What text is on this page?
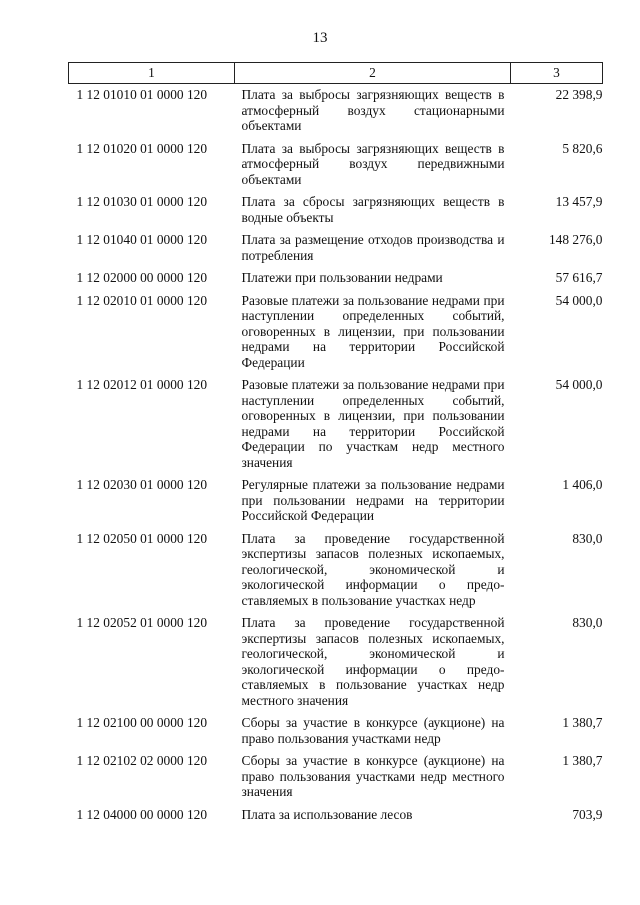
13
1	2	3
1 12 01010 01 0000 120	Плата за выбросы загрязняющих веществ в атмосферный воздух стационарными объектами	22 398,9
1 12 01020 01 0000 120	Плата за выбросы загрязняющих веществ в атмосферный воздух передвижными объектами	5 820,6
1 12 01030 01 0000 120	Плата за сбросы загрязняющих веществ в водные объекты	13 457,9
1 12 01040 01 0000 120	Плата за размещение отходов производства и потребления	148 276,0
1 12 02000 00 0000 120	Платежи при пользовании недрами	57 616,7
1 12 02010 01 0000 120	Разовые платежи за пользование недрами при наступлении определенных событий, оговоренных в лицензии, при пользовании недрами на территории Российской Федерации	54 000,0
1 12 02012 01 0000 120	Разовые платежи за пользование недрами при наступлении определенных событий, оговоренных в лицензии, при пользовании недрами на территории Российской Федерации по участкам недр местного значения	54 000,0
1 12 02030 01 0000 120	Регулярные платежи за пользование недрами при пользовании недрами на территории Российской Федерации	1 406,0
1 12 02050 01 0000 120	Плата за проведение государственной экспертизы запасов полезных ископаемых, геологической, экономической и экологической информации о предоставляемых в пользование участках недр	830,0
1 12 02052 01 0000 120	Плата за проведение государственной экспертизы запасов полезных ископаемых, геологической, экономической и экологической информации о предоставляемых в пользование участках недр местного значения	830,0
1 12 02100 00 0000 120	Сборы за участие в конкурсе (аукционе) на право пользования участками недр	1 380,7
1 12 02102 02 0000 120	Сборы за участие в конкурсе (аукционе) на право пользования участками недр местного значения	1 380,7
1 12 04000 00 0000 120	Плата за использование лесов	703,9
